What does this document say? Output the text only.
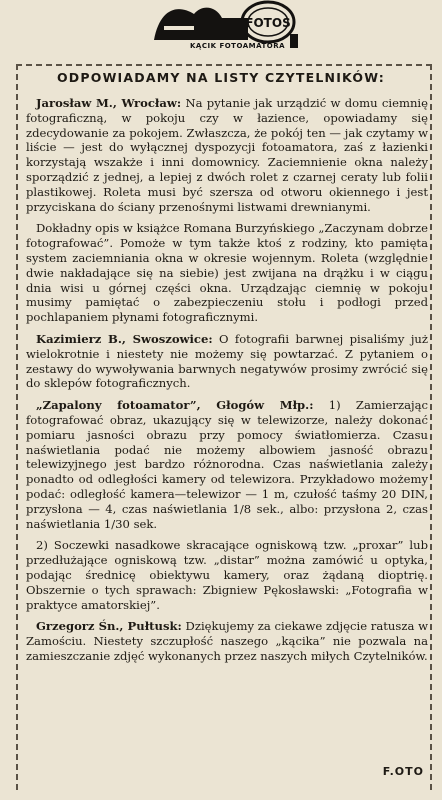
FOTOS
KĄCIK FOTOAMATORA
ODPOWIADAMY NA LISTY CZYTELNIKÓW:

Jarosław M., Wrocław: Na pytanie jak urządzić w domu ciemnię fotograficzną, w pokoju czy w łazience, opowiadamy się zdecydowanie za pokojem. Zwłaszcza, że pokój ten — jak czytamy w liście — jest do wyłącznej dyspozycji fotoamatora, zaś z łazienki korzystają wszakże i inni domownicy. Zaciemnienie okna należy sporządzić z jednej, a lepiej z dwóch rolet z czarnej ceraty lub folii plastikowej. Roleta musi być szersza od otworu okiennego i jest przyciskana do ściany przenośnymi listwami drewnianymi.

Dokładny opis w książce Romana Burzyńskiego „Zaczynam dobrze fotografować”. Pomoże w tym także ktoś z rodziny, kto pamięta system zaciemniania okna w okresie wojennym. Roleta (względnie dwie nakładające się na siebie) jest zwijana na drążku i w ciągu dnia wisi u górnej części okna. Urządzając ciemnię w pokoju musimy pamiętać o zabezpieczeniu stołu i podłogi przed pochlapaniem płynami fotograficznymi.

Kazimierz B., Swoszowice: O fotografii barwnej pisaliśmy już wielokrotnie i niestety nie możemy się powtarzać. Z pytaniem o zestawy do wywoływania barwnych negatywów prosimy zwrócić się do sklepów fotograficznych.

„Zapalony fotoamator”, Głogów Młp.: 1) Zamierzając fotografować obraz, ukazujący się w telewizorze, należy dokonać pomiaru jasności obrazu przy pomocy światłomierza. Czasu naświetlania podać nie możemy albowiem jasność obrazu telewizyjnego jest bardzo różnorodna. Czas naświetlania zależy ponadto od odległości kamery od telewizora. Przykładowo możemy podać: odległość kamera—telewizor — 1 m, czułość taśmy 20 DIN, przysłona — 4, czas naświetlania 1/8 sek., albo: przysłona 2, czas naświetlania 1/30 sek.

2) Soczewki nasadkowe skracające ogniskową tzw. „proxar” lub przedłużające ogniskową tzw. „distar” można zamówić u optyka, podając średnicę obiektywu kamery, oraz żądaną dioptrię. Obszernie o tych sprawach: Zbigniew Pękosławski: „Fotografia w praktyce amatorskiej”.

Grzegorz Śn., Pułtusk: Dziękujemy za ciekawe zdjęcie ratusza w Zamościu. Niestety szczupłość naszego „kącika” nie pozwala na zamieszczanie zdjęć wykonanych przez naszych miłych Czytelników.

F.OTO
